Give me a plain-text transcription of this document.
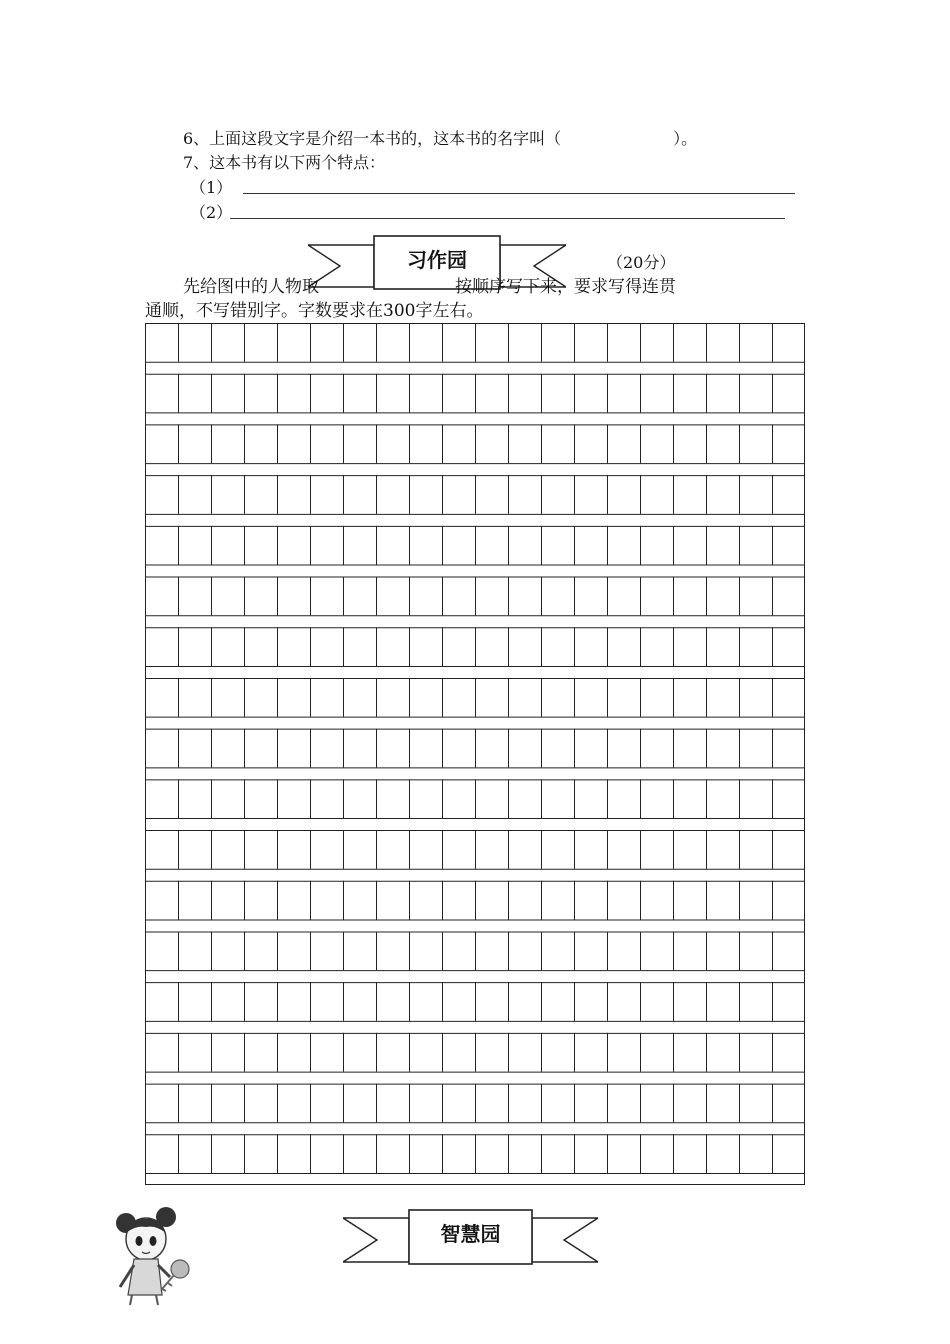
6、上面这段文字是介绍一本书的，这本书的名字叫（　　　　　　　）。
7、这本书有以下两个特点：
（1）
（2）
习作园	（20分）
先给图中的人物取　　　　　　　　按顺序写下来，要求写得连贯
通顺，不写错别字。字数要求在300字左右。
智慧园
